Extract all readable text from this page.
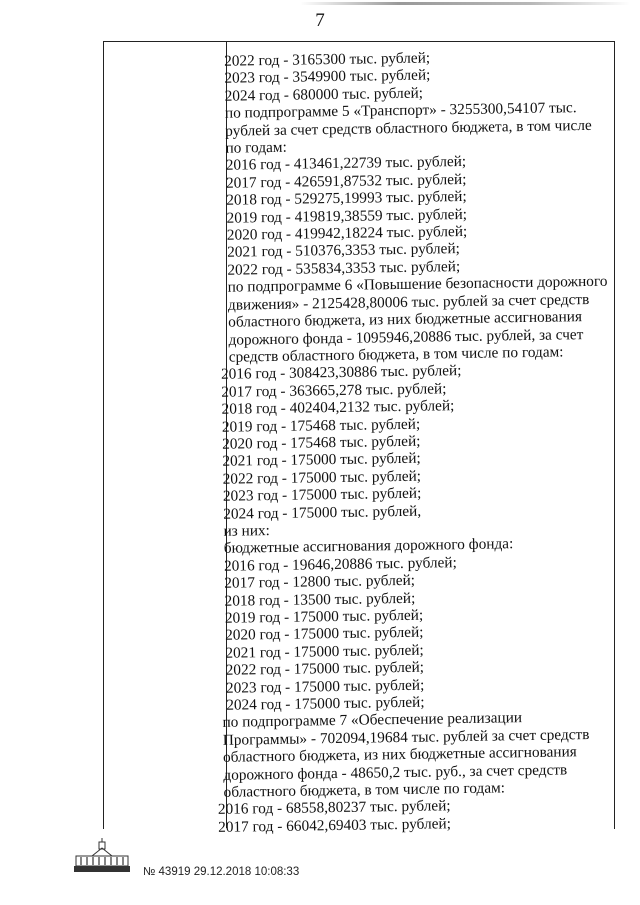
7
2022 год - 3165300 тыс. рублей;
2023 год - 3549900 тыс. рублей;
2024 год - 680000 тыс. рублей;
по подпрограмме 5 «Транспорт» - 3255300,54107 тыс.
рублей за счет средств областного бюджета, в том числе
по годам:
2016 год - 413461,22739 тыс. рублей;
2017 год - 426591,87532 тыс. рублей;
2018 год - 529275,19993 тыс. рублей;
2019 год - 419819,38559 тыс. рублей;
2020 год - 419942,18224 тыс. рублей;
2021 год - 510376,3353 тыс. рублей;
2022 год - 535834,3353 тыс. рублей;
по подпрограмме 6 «Повышение безопасности дорожного
движения» - 2125428,80006 тыс. рублей за счет средств
областного бюджета, из них бюджетные ассигнования
дорожного фонда - 1095946,20886 тыс. рублей, за счет
средств областного бюджета, в том числе по годам:
2016 год - 308423,30886 тыс. рублей;
2017 год - 363665,278 тыс. рублей;
2018 год - 402404,2132 тыс. рублей;
2019 год - 175468 тыс. рублей;
2020 год - 175468 тыс. рублей;
2021 год - 175000 тыс. рублей;
2022 год - 175000 тыс. рублей;
2023 год - 175000 тыс. рублей;
2024 год - 175000 тыс. рублей,
из них:
бюджетные ассигнования дорожного фонда:
2016 год - 19646,20886 тыс. рублей;
2017 год - 12800 тыс. рублей;
2018 год - 13500 тыс. рублей;
2019 год - 175000 тыс. рублей;
2020 год - 175000 тыс. рублей;
2021 год - 175000 тыс. рублей;
2022 год - 175000 тыс. рублей;
2023 год - 175000 тыс. рублей;
2024 год - 175000 тыс. рублей;
по подпрограмме 7 «Обеспечение реализации
Программы» - 702094,19684 тыс. рублей за счет средств
областного бюджета, из них бюджетные ассигнования
дорожного фонда - 48650,2 тыс. руб., за счет средств
областного бюджета, в том числе по годам:
2016 год - 68558,80237 тыс. рублей;
2017 год - 66042,69403 тыс. рублей;
№ 43919 29.12.2018 10:08:33
